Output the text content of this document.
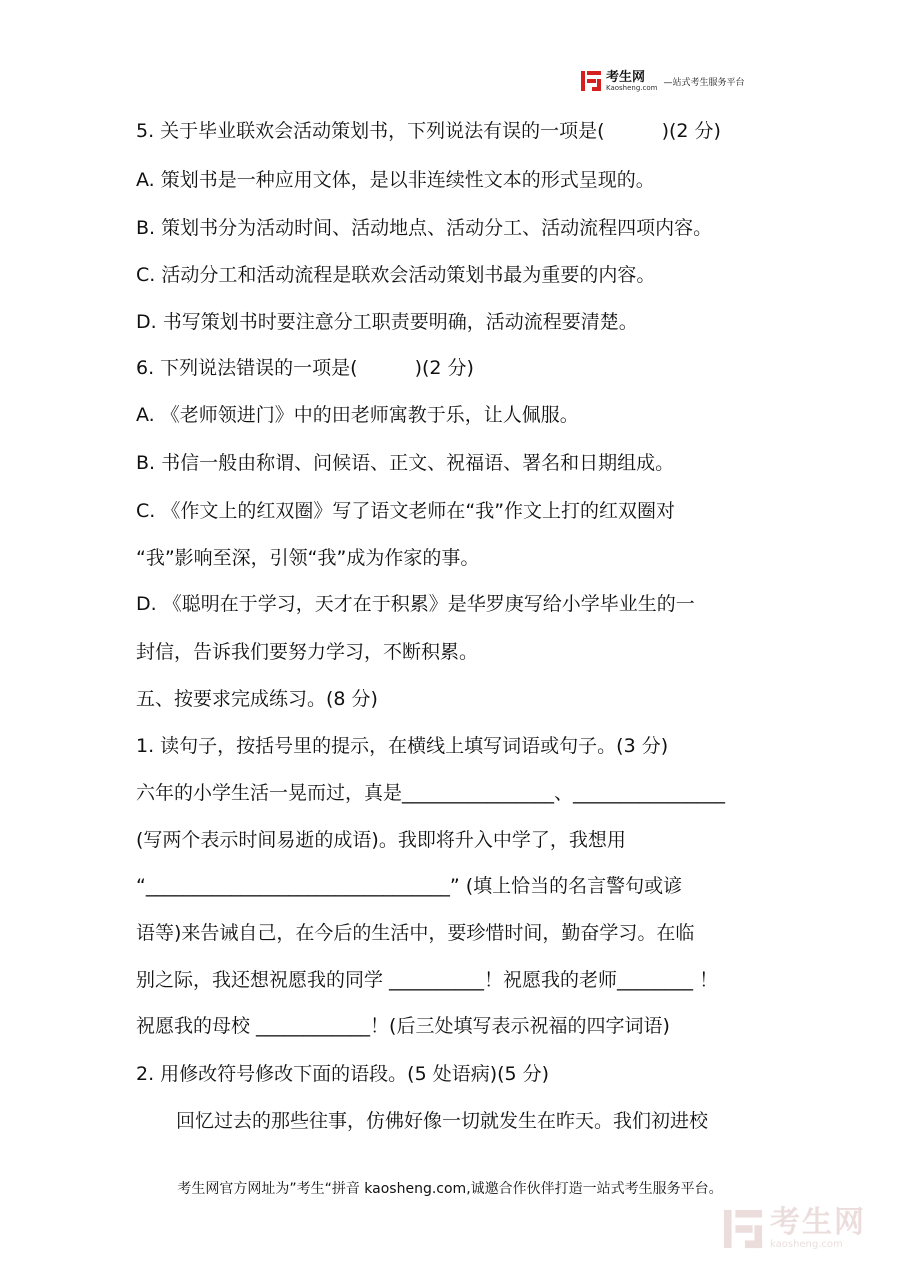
考生网
Kaosheng.com —站式考生服务平台
5. 关于毕业联欢会活动策划书，下列说法有误的一项是(　　　)(2 分)
A. 策划书是一种应用文体，是以非连续性文本的形式呈现的。
B. 策划书分为活动时间、活动地点、活动分工、活动流程四项内容。
C. 活动分工和活动流程是联欢会活动策划书最为重要的内容。
D. 书写策划书时要注意分工职责要明确，活动流程要清楚。
6. 下列说法错误的一项是(　　　)(2 分)
A. 《老师领进门》中的田老师寓教于乐，让人佩服。
B. 书信一般由称谓、问候语、正文、祝福语、署名和日期组成。
C. 《作文上的红双圈》写了语文老师在“我”作文上打的红双圈对
“我”影响至深，引领“我”成为作家的事。
D. 《聪明在于学习，天才在于积累》是华罗庚写给小学毕业生的一
封信，告诉我们要努力学习，不断积累。
五、按要求完成练习。(8 分)
1. 读句子，按括号里的提示，在横线上填写词语或句子。(3 分)
六年的小学生活一晃而过，真是________________、________________
(写两个表示时间易逝的成语)。我即将升入中学了，我想用
“________________________________” (填上恰当的名言警句或谚
语等)来告诫自己，在今后的生活中，要珍惜时间，勤奋学习。在临
别之际，我还想祝愿我的同学 __________！祝愿我的老师________ ！
祝愿我的母校 ____________！(后三处填写表示祝福的四字词语)
2. 用修改符号修改下面的语段。(5 处语病)(5 分)
回忆过去的那些往事，仿佛好像一切就发生在昨天。我们初进校
考生网官方网址为”考生“拼音 kaosheng.com,诚邀合作伙伴打造一站式考生服务平台。
考生网
kaosheng.com
